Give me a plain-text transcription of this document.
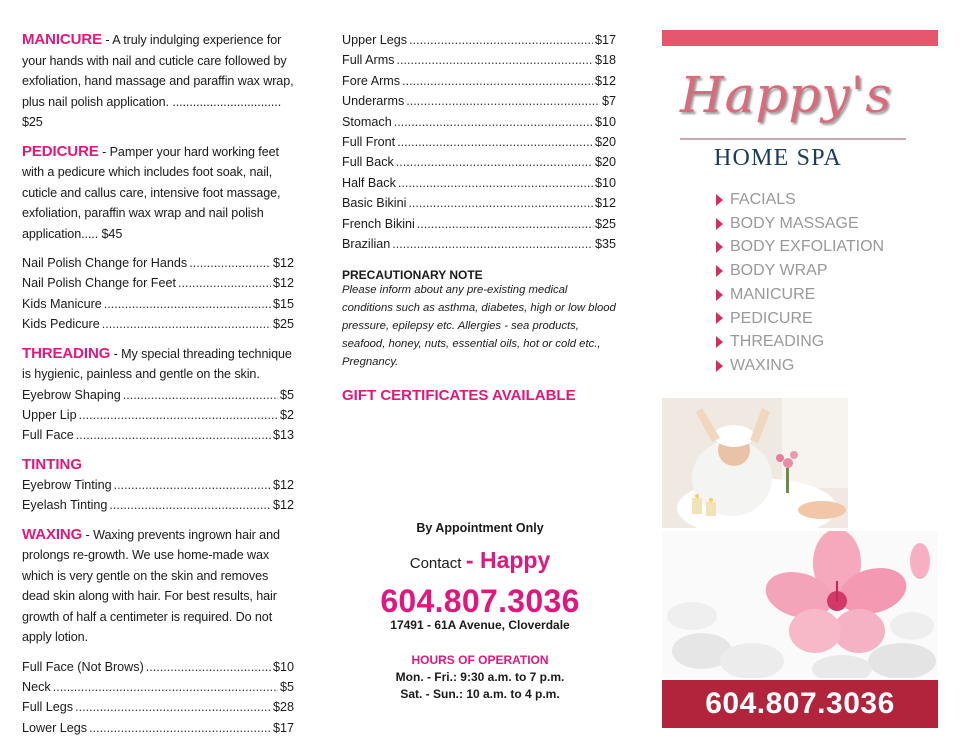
MANICURE - A truly indulging experience for your hands with nail and cuticle care followed by exfoliation, hand massage and paraffin wax wrap, plus nail polish application. ................................ $25
PEDICURE - Pamper your hard working feet with a pedicure which includes foot soak, nail, cuticle and callus care, intensive foot massage, exfoliation, paraffin wax wrap and nail polish application..... $45
Nail Polish Change for Hands .....	$12
Nail Polish Change for Feet .....	$12
Kids Manicure .....	$15
Kids Pedicure .....	$25
THREADING - My special threading technique is hygienic, painless and gentle on the skin.
Eyebrow Shaping .....	$5
Upper Lip .....	$2
Full Face .....	$13
TINTING
Eyebrow Tinting .....	$12
Eyelash Tinting .....	$12
WAXING - Waxing prevents ingrown hair and prolongs re-growth. We use home-made wax which is very gentle on the skin and removes dead skin along with hair. For best results, hair growth of half a centimeter is required. Do not apply lotion.
Full Face (Not Brows) .....	$10
Neck .....	$5
Full Legs .....	$28
Lower Legs .....	$17
Upper Legs .....	$17
Full Arms .....	$18
Fore Arms .....	$12
Underarms .....	$7
Stomach .....	$10
Full Front .....	$20
Full Back .....	$20
Half Back .....	$10
Basic Bikini .....	$12
French Bikini .....	$25
Brazilian .....	$35
PRECAUTIONARY NOTE
Please inform about any pre-existing medical conditions such as asthma, diabetes, high or low blood pressure, epilepsy etc. Allergies - sea products, seafood, honey, nuts, essential oils, hot or cold etc., Pregnancy.
GIFT CERTIFICATES AVAILABLE
By Appointment Only
Contact - Happy
604.807.3036
17491 - 61A Avenue, Cloverdale
HOURS OF OPERATION
Mon. - Fri.: 9:30 a.m. to 7 p.m.
Sat. - Sun.: 10 a.m. to 4 p.m.
Happy's
HOME SPA
FACIALS
BODY MASSAGE
BODY EXFOLIATION
BODY WRAP
MANICURE
PEDICURE
THREADING
WAXING
604.807.3036
